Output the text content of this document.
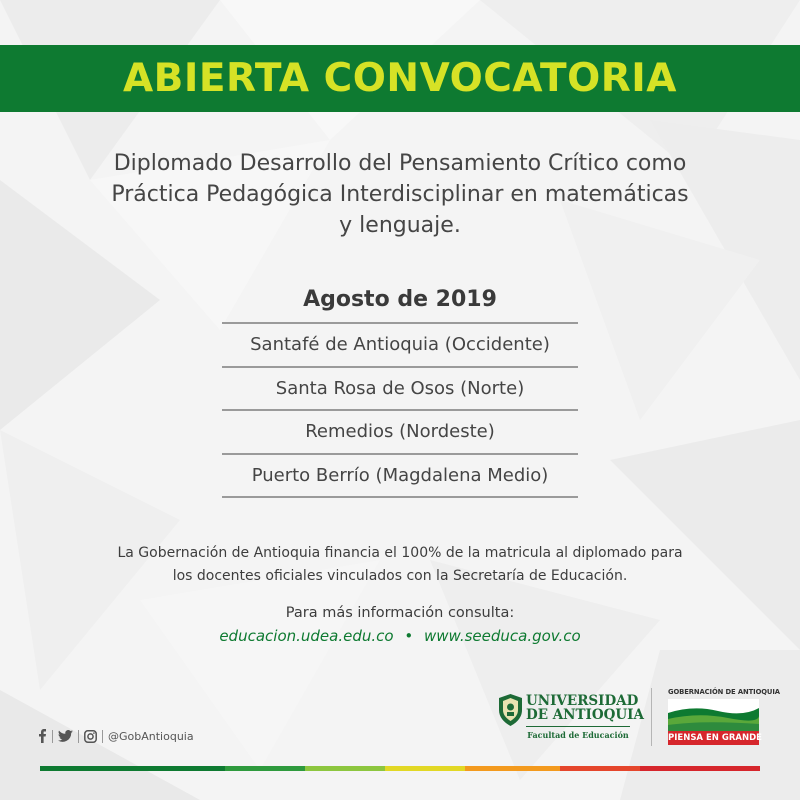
ABIERTA CONVOCATORIA
Diplomado Desarrollo del Pensamiento Crítico como
Práctica Pedagógica Interdisciplinar en matemáticas
y lenguaje.
Agosto de 2019
Santafé de Antioquia (Occidente)
Santa Rosa de Osos (Norte)
Remedios (Nordeste)
Puerto Berrío (Magdalena Medio)
La Gobernación de Antioquia financia el 100% de la matricula al diplomado para
los docentes oficiales vinculados con la Secretaría de Educación.
Para más información consulta:
educacion.udea.edu.co • www.seeduca.gov.co
@GobAntioquia
UNIVERSIDAD
DE ANTIOQUIA
Facultad de Educación
GOBERNACIÓN DE ANTIOQUIA
PIENSA EN GRANDE
